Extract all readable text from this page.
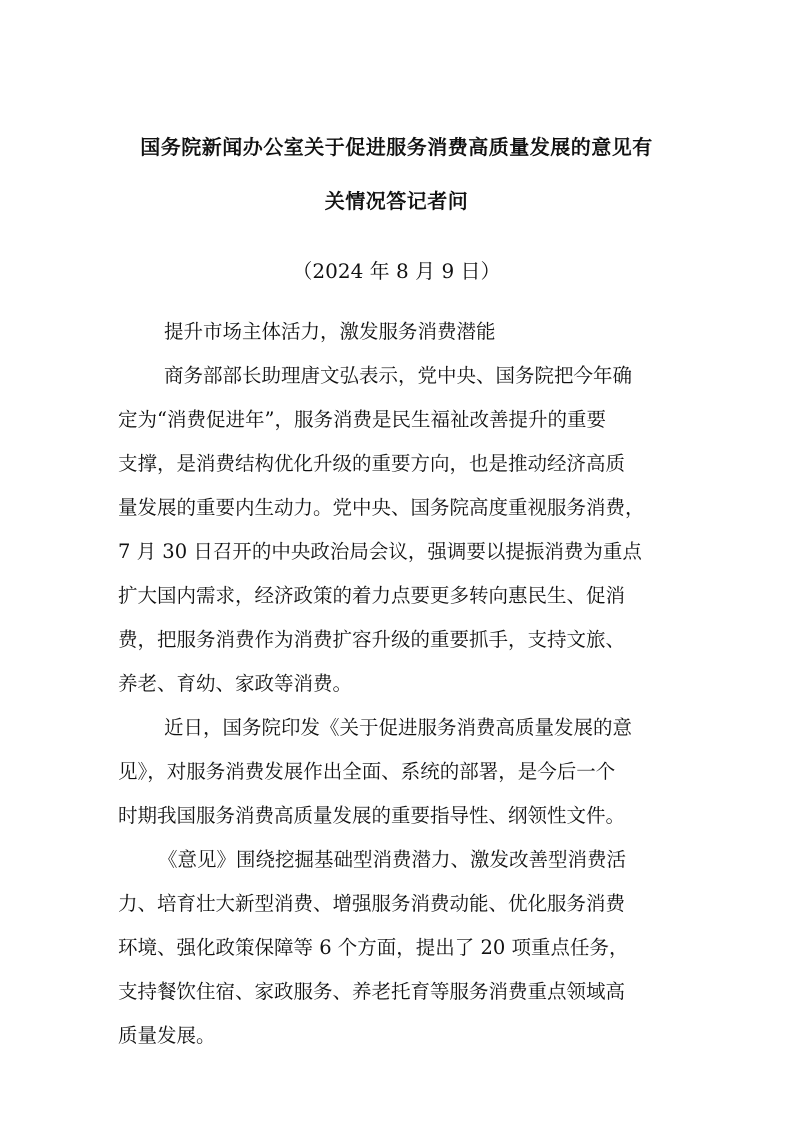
国务院新闻办公室关于促进服务消费高质量发展的意见有
关情况答记者问
（2024 年 8 月 9 日）
提升市场主体活力，激发服务消费潜能
商务部部长助理唐文弘表示，党中央、国务院把今年确
定为“消费促进年”，服务消费是民生福祉改善提升的重要
支撑，是消费结构优化升级的重要方向，也是推动经济高质
量发展的重要内生动力。党中央、国务院高度重视服务消费，
7 月 30 日召开的中央政治局会议，强调要以提振消费为重点
扩大国内需求，经济政策的着力点要更多转向惠民生、促消
费，把服务消费作为消费扩容升级的重要抓手，支持文旅、
养老、育幼、家政等消费。
近日，国务院印发《关于促进服务消费高质量发展的意
见》，对服务消费发展作出全面、系统的部署，是今后一个
时期我国服务消费高质量发展的重要指导性、纲领性文件。
《意见》围绕挖掘基础型消费潜力、激发改善型消费活
力、培育壮大新型消费、增强服务消费动能、优化服务消费
环境、强化政策保障等 6 个方面，提出了 20 项重点任务，
支持餐饮住宿、家政服务、养老托育等服务消费重点领域高
质量发展。
